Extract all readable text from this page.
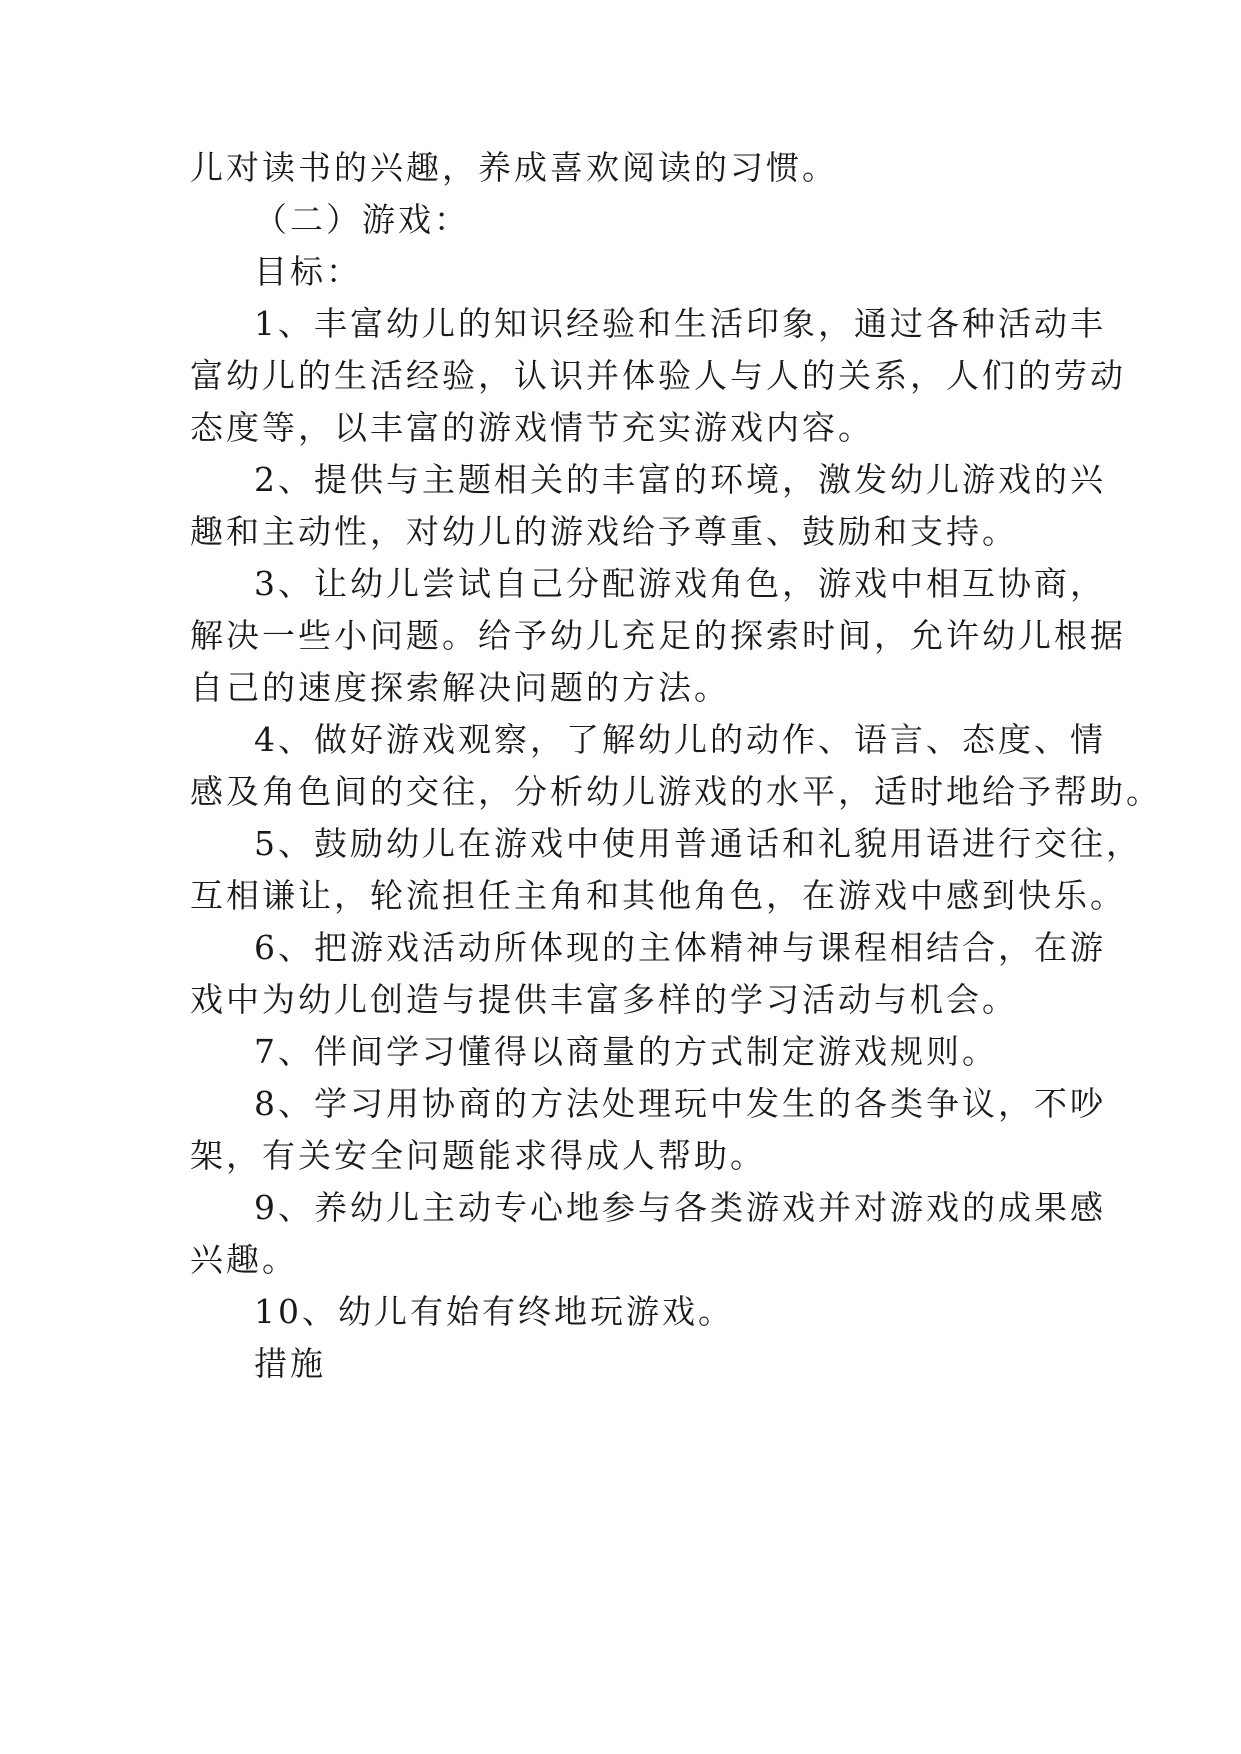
儿对读书的兴趣，养成喜欢阅读的习惯。
（二）游戏：
目标：
1、丰富幼儿的知识经验和生活印象，通过各种活动丰
富幼儿的生活经验，认识并体验人与人的关系，人们的劳动
态度等，以丰富的游戏情节充实游戏内容。
2、提供与主题相关的丰富的环境，激发幼儿游戏的兴
趣和主动性，对幼儿的游戏给予尊重、鼓励和支持。
3、让幼儿尝试自己分配游戏角色，游戏中相互协商，
解决一些小问题。给予幼儿充足的探索时间，允许幼儿根据
自己的速度探索解决问题的方法。
4、做好游戏观察，了解幼儿的动作、语言、态度、情
感及角色间的交往，分析幼儿游戏的水平，适时地给予帮助。
5、鼓励幼儿在游戏中使用普通话和礼貌用语进行交往，
互相谦让，轮流担任主角和其他角色，在游戏中感到快乐。
6、把游戏活动所体现的主体精神与课程相结合，在游
戏中为幼儿创造与提供丰富多样的学习活动与机会。
7、伴间学习懂得以商量的方式制定游戏规则。
8、学习用协商的方法处理玩中发生的各类争议，不吵
架，有关安全问题能求得成人帮助。
9、养幼儿主动专心地参与各类游戏并对游戏的成果感
兴趣。
10、幼儿有始有终地玩游戏。
措施
